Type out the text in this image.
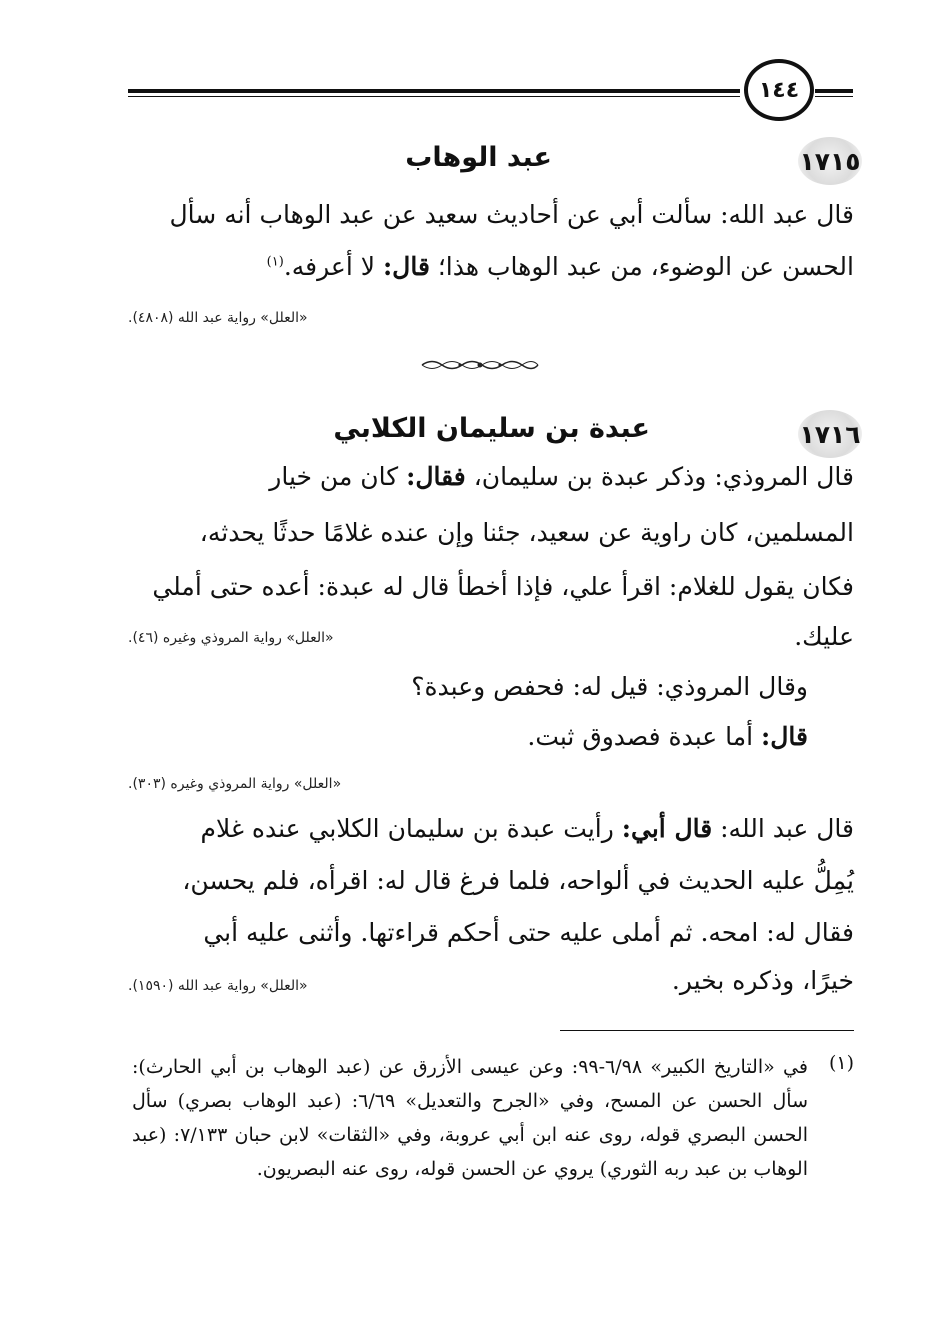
١٤٤
١٧١٥
عبد الوهاب
قال عبد الله: سألت أبي عن أحاديث سعيد عن عبد الوهاب أنه سأل
الحسن عن الوضوء، من عبد الوهاب هذا؛ قال: لا أعرفه.$^{(١)}$
«العلل» رواية عبد الله (٤٨٠٨).
١٧١٦
عبدة بن سليمان الكلابي
قال المروذي: وذكر عبدة بن سليمان، فقال: كان من خيار
المسلمين، كان راوية عن سعيد، جئنا وإن عنده غلامًا حدثًا يحدثه،
فكان يقول للغلام: اقرأ علي، فإذا أخطأ قال له عبدة: أعده حتى أملي
عليك.
«العلل» رواية المروذي وغيره (٤٦).
وقال المروذي: قيل له: فحفص وعبدة؟
قال: أما عبدة فصدوق ثبت.
«العلل» رواية المروذي وغيره (٣٠٣).
قال عبد الله: قال أبي: رأيت عبدة بن سليمان الكلابي عنده غلام
يُمِلُّ عليه الحديث في ألواحه، فلما فرغ قال له: اقرأه، فلم يحسن،
فقال له: امحه. ثم أملى عليه حتى أحكم قراءتها. وأثنى عليه أبي
خيرًا، وذكره بخير.
«العلل» رواية عبد الله (١٥٩٠).
(١)
في «التاريخ الكبير» ٦/٩٨-٩٩: وعن عيسى الأزرق عن (عبد الوهاب بن أبي الحارث): سأل الحسن عن المسح، وفي «الجرح والتعديل» ٦/٦٩: (عبد الوهاب بصري) سأل الحسن البصري قوله، روى عنه ابن أبي عروبة، وفي «الثقات» لابن حبان ٧/١٣٣: (عبد الوهاب بن عبد ربه الثوري) يروي عن الحسن قوله، روى عنه البصريون.
